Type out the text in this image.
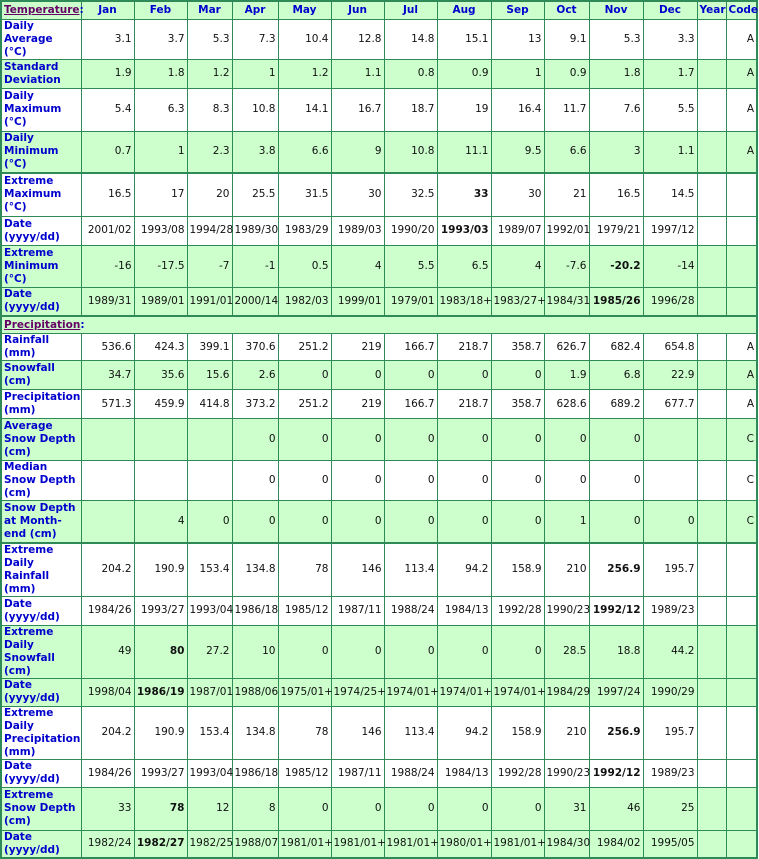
Temperature:	Jan	Feb	Mar	Apr	May	Jun	Jul	Aug	Sep	Oct	Nov	Dec	Year	Code
Daily Average (°C)	3.1	3.7	5.3	7.3	10.4	12.8	14.8	15.1	13	9.1	5.3	3.3		A
Standard Deviation	1.9	1.8	1.2	1	1.2	1.1	0.8	0.9	1	0.9	1.8	1.7		A
Daily Maximum (°C)	5.4	6.3	8.3	10.8	14.1	16.7	18.7	19	16.4	11.7	7.6	5.5		A
Daily Minimum (°C)	0.7	1	2.3	3.8	6.6	9	10.8	11.1	9.5	6.6	3	1.1		A
Extreme Maximum (°C)	16.5	17	20	25.5	31.5	30	32.5	33	30	21	16.5	14.5		
Date (yyyy/dd)	2001/02	1993/08	1994/28	1989/30	1983/29	1989/03	1990/20	1993/03	1989/07	1992/01	1979/21	1997/12		
Extreme Minimum (°C)	-16	-17.5	-7	-1	0.5	4	5.5	6.5	4	-7.6	-20.2	-14		
Date (yyyy/dd)	1989/31	1989/01	1991/01	2000/14	1982/03	1999/01	1979/01	1983/18+	1983/27+	1984/31	1985/26	1996/28		
Precipitation:														
Rainfall (mm)	536.6	424.3	399.1	370.6	251.2	219	166.7	218.7	358.7	626.7	682.4	654.8		A
Snowfall (cm)	34.7	35.6	15.6	2.6	0	0	0	0	0	1.9	6.8	22.9		A
Precipitation (mm)	571.3	459.9	414.8	373.2	251.2	219	166.7	218.7	358.7	628.6	689.2	677.7		A
Average Snow Depth (cm)				0	0	0	0	0	0	0	0			C
Median Snow Depth (cm)				0	0	0	0	0	0	0	0			C
Snow Depth at Month-end (cm)		4	0	0	0	0	0	0	0	1	0	0		C
Extreme Daily Rainfall (mm)	204.2	190.9	153.4	134.8	78	146	113.4	94.2	158.9	210	256.9	195.7		
Date (yyyy/dd)	1984/26	1993/27	1993/04	1986/18	1985/12	1987/11	1988/24	1984/13	1992/28	1990/23	1992/12	1989/23		
Extreme Daily Snowfall (cm)	49	80	27.2	10	0	0	0	0	0	28.5	18.8	44.2		
Date (yyyy/dd)	1998/04	1986/19	1987/01	1988/06	1975/01+	1974/25+	1974/01+	1974/01+	1974/01+	1984/29	1997/24	1990/29		
Extreme Daily Precipitation (mm)	204.2	190.9	153.4	134.8	78	146	113.4	94.2	158.9	210	256.9	195.7		
Date (yyyy/dd)	1984/26	1993/27	1993/04	1986/18	1985/12	1987/11	1988/24	1984/13	1992/28	1990/23	1992/12	1989/23		
Extreme Snow Depth (cm)	33	78	12	8	0	0	0	0	0	31	46	25		
Date (yyyy/dd)	1982/24	1982/27	1982/25	1988/07	1981/01+	1981/01+	1981/01+	1980/01+	1981/01+	1984/30	1984/02	1995/05		
